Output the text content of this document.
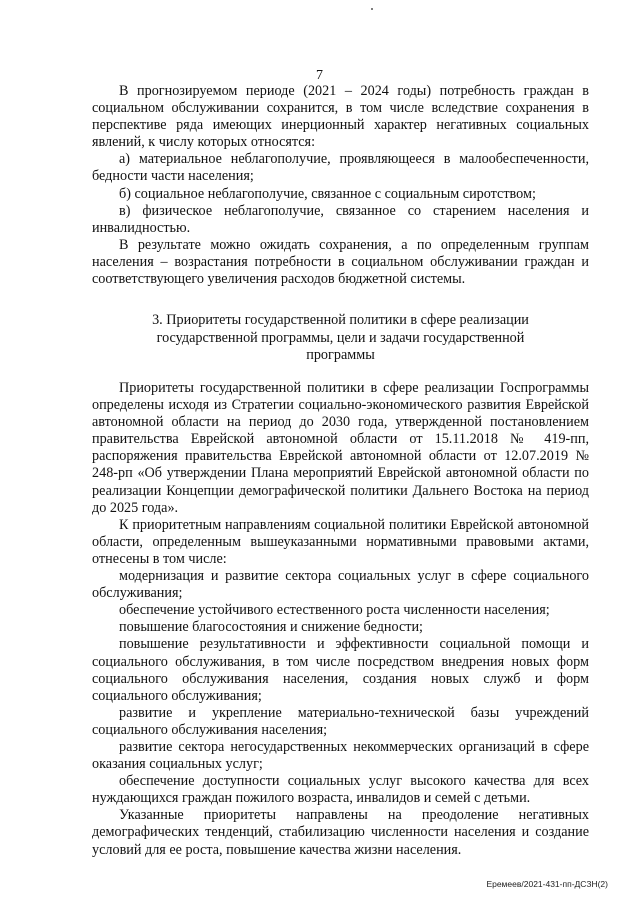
7

В прогнозируемом периоде (2021 – 2024 годы) потребность граждан в социальном обслуживании сохранится, в том числе вследствие сохранения в перспективе ряда имеющих инерционный характер негативных социальных явлений, к числу которых относятся:

а) материальное неблагополучие, проявляющееся в малообеспеченности, бедности части населения;

б) социальное неблагополучие, связанное с социальным сиротством;

в) физическое неблагополучие, связанное со старением населения и инвалидностью.

В результате можно ожидать сохранения, а по определенным группам населения – возрастания потребности в социальном обслуживании граждан и соответствующего увеличения расходов бюджетной системы.

3. Приоритеты государственной политики в сфере реализации
государственной программы, цели и задачи государственной
программы

Приоритеты государственной политики в сфере реализации Госпрограммы определены исходя из Стратегии социально-экономического развития Еврейской автономной области на период до 2030 года, утвержденной постановлением правительства Еврейской автономной области от 15.11.2018 № 419-пп, распоряжения правительства Еврейской автономной области от 12.07.2019 № 248-рп «Об утверждении Плана мероприятий Еврейской автономной области по реализации Концепции демографической политики Дальнего Востока на период до 2025 года».

К приоритетным направлениям социальной политики Еврейской автономной области, определенным вышеуказанными нормативными правовыми актами, отнесены в том числе:

модернизация и развитие сектора социальных услуг в сфере социального обслуживания;

обеспечение устойчивого естественного роста численности населения;

повышение благосостояния и снижение бедности;

повышение результативности и эффективности социальной помощи и социального обслуживания, в том числе посредством внедрения новых форм социального обслуживания населения, создания новых служб и форм социального обслуживания;

развитие и укрепление материально-технической базы учреждений социального обслуживания населения;

развитие сектора негосударственных некоммерческих организаций в сфере оказания социальных услуг;

обеспечение доступности социальных услуг высокого качества для всех нуждающихся граждан пожилого возраста, инвалидов и семей с детьми.

Указанные приоритеты направлены на преодоление негативных демографических тенденций, стабилизацию численности населения и создание условий для ее роста, повышение качества жизни населения.

Еремеев/2021-431-пп-ДСЗН(2)
